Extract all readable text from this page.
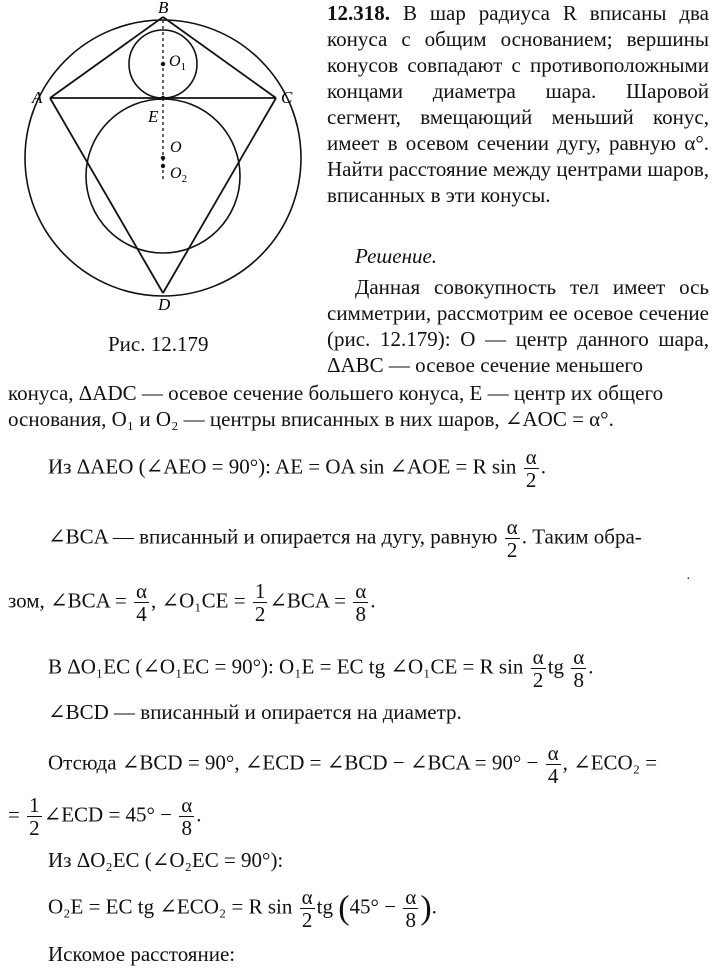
B
A	C
E
$O_1$
O
$O_2$
D
Рис. 12.179

12.318. В шар радиуса R вписаны два конуса с общим основанием; вершины конусов совпадают с противоположными концами диаметра шара. Шаровой сегмент, вмещающий меньший конус, имеет в осевом сечении дугу, равную α°. Найти расстояние между центрами шаров, вписанных в эти конусы.

Решение.
Данная совокупность тел имеет ось симметрии, рассмотрим ее осевое сечение (рис. 12.179): O — центр данного шара, ΔABC — осевое сечение меньшего
конуса, ΔADC — осевое сечение большего конуса, E — центр их общего
основания, O₁ и O₂ — центры вписанных в них шаров, ∠AOC = α°.
Из ΔAEO (∠AEO = 90°): AE = OA sin ∠AOE = R $\sin \frac{\alpha}{2}$ .
∠BCA — вписанный и опирается на дугу, равную $\frac{\alpha}{2}$ . Таким обра-
·
зом, ∠BCA = $\frac{\alpha}{4}$ , ∠O₁CE = $\frac{1}{2}$ ∠BCA = $\frac{\alpha}{8}$ .
В ΔO₁EC (∠O₁EC = 90°): O₁E = EC tg ∠O₁CE = R $\sin \frac{\alpha}{2}$ tg $\frac{\alpha}{8}$ .
∠BCD — вписанный и опирается на диаметр.
Отсюда ∠BCD = 90°, ∠ECD = ∠BCD − ∠BCA = $90^\circ - \frac{\alpha}{4}$ , ∠ECO₂ =
= $\frac{1}{2}$ ∠ECD = $45^\circ - \frac{\alpha}{8}$ .
Из ΔO₂EC (∠O₂EC = 90°):
O₂E = EC tg ∠ECO₂ = R $\sin \frac{\alpha}{2}$ tg ($45^\circ - \frac{\alpha}{8}$ ).
Искомое расстояние:
